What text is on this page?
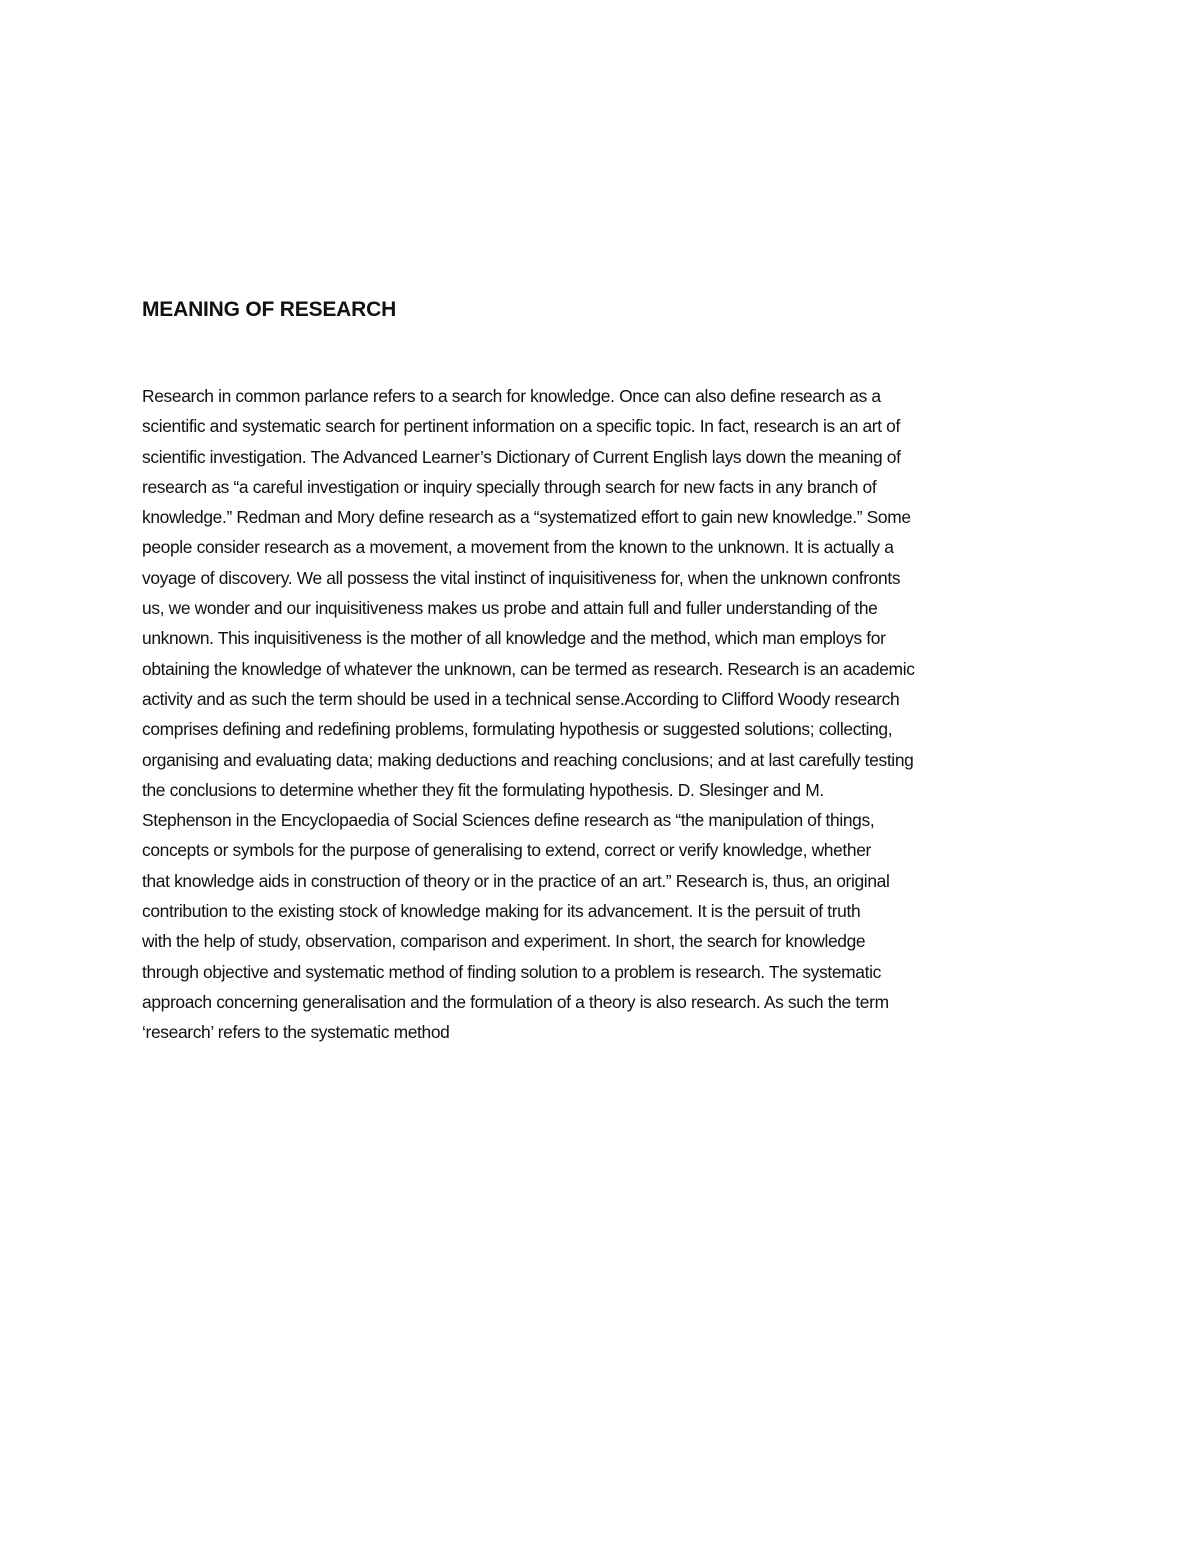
MEANING OF RESEARCH
Research in common parlance refers to a search for knowledge. Once can also define research as a
scientific and systematic search for pertinent information on a specific topic. In fact, research is an art of
scientific investigation. The Advanced Learner’s Dictionary of Current English lays down the meaning of
research as “a careful investigation or inquiry specially through search for new facts in any branch of
knowledge.” Redman and Mory define research as a “systematized effort to gain new knowledge.” Some
people consider research as a movement, a movement from the known to the unknown. It is actually a
voyage of discovery. We all possess the vital instinct of inquisitiveness for, when the unknown confronts
us, we wonder and our inquisitiveness makes us probe and attain full and fuller understanding of the
unknown. This inquisitiveness is the mother of all knowledge and the method, which man employs for
obtaining the knowledge of whatever the unknown, can be termed as research. Research is an academic
activity and as such the term should be used in a technical sense.According to Clifford Woody research
comprises defining and redefining problems, formulating hypothesis or suggested solutions; collecting,
organising and evaluating data; making deductions and reaching conclusions; and at last carefully testing
the conclusions to determine whether they fit the formulating hypothesis. D. Slesinger and M.
Stephenson in the Encyclopaedia of Social Sciences define research as “the manipulation of things,
concepts or symbols for the purpose of generalising to extend, correct or verify knowledge, whether
that knowledge aids in construction of theory or in the practice of an art.” Research is, thus, an original
contribution to the existing stock of knowledge making for its advancement. It is the persuit of truth
with the help of study, observation, comparison and experiment. In short, the search for knowledge
through objective and systematic method of finding solution to a problem is research. The systematic
approach concerning generalisation and the formulation of a theory is also research. As such the term
‘research’ refers to the systematic method
